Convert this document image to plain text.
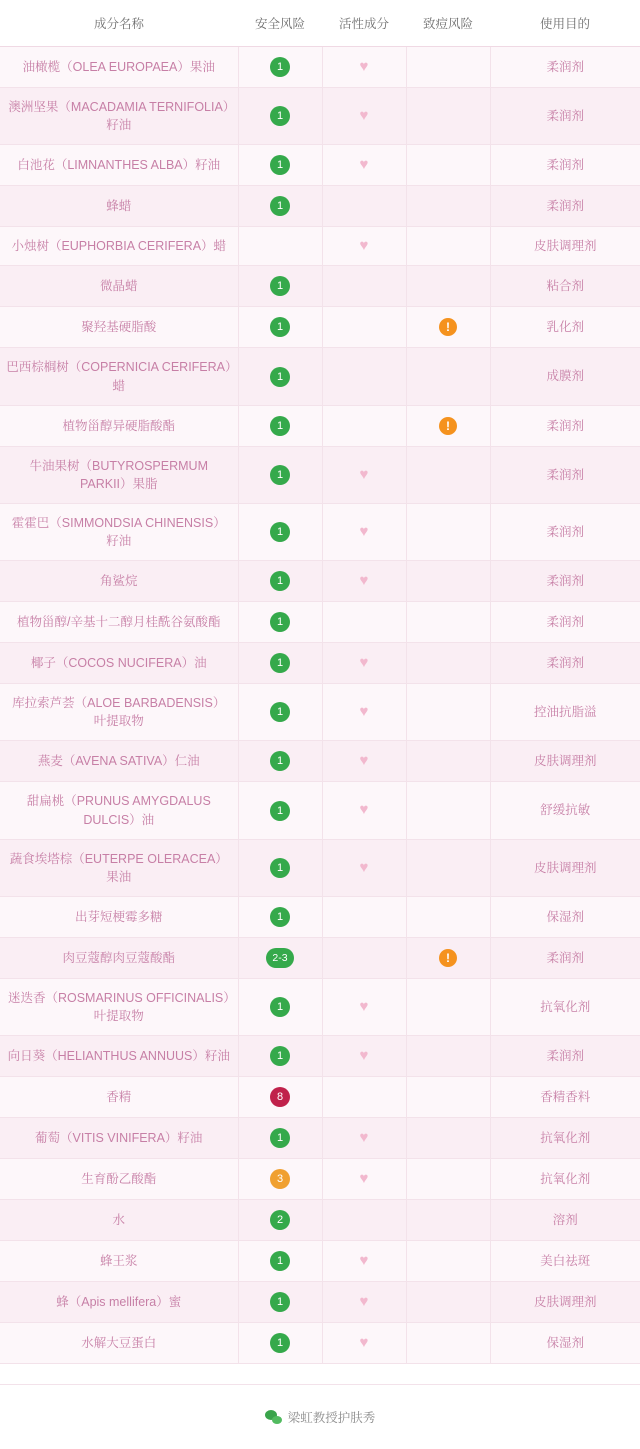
成分名称	安全风险	活性成分	致痘风险	使用目的
油橄榄（OLEA EUROPAEA）果油	1	♥		柔润剂
澳洲坚果（MACADAMIA TERNIFOLIA）籽油	1	♥		柔润剂
白池花（LIMNANTHES ALBA）籽油	1	♥		柔润剂
蜂蜡	1			柔润剂
小烛树（EUPHORBIA CERIFERA）蜡		♥		皮肤调理剂
微晶蜡	1			粘合剂
聚羟基硬脂酸	1		!	乳化剂
巴西棕榈树（COPERNICIA CERIFERA）蜡	1			成膜剂
植物甾醇异硬脂酸酯	1		!	柔润剂
牛油果树（BUTYROSPERMUM PARKII）果脂	1	♥		柔润剂
霍霍巴（SIMMONDSIA CHINENSIS）籽油	1	♥		柔润剂
角鲨烷	1	♥		柔润剂
植物甾醇/辛基十二醇月桂酰谷氨酸酯	1			柔润剂
椰子（COCOS NUCIFERA）油	1	♥		柔润剂
库拉索芦荟（ALOE BARBADENSIS）叶提取物	1	♥		控油抗脂溢
燕麦（AVENA SATIVA）仁油	1	♥		皮肤调理剂
甜扁桃（PRUNUS AMYGDALUS DULCIS）油	1	♥		舒缓抗敏
蔬食埃塔棕（EUTERPE OLERACEA）果油	1	♥		皮肤调理剂
出芽短梗霉多糖	1			保湿剂
肉豆蔻醇肉豆蔻酸酯	2-3		!	柔润剂
迷迭香（ROSMARINUS OFFICINALIS）叶提取物	1	♥		抗氧化剂
向日葵（HELIANTHUS ANNUUS）籽油	1	♥		柔润剂
香精	8			香精香料
葡萄（VITIS VINIFERA）籽油	1	♥		抗氧化剂
生育酚乙酸酯	3	♥		抗氧化剂
水	2			溶剂
蜂王浆	1	♥		美白祛斑
蜂（Apis mellifera）蜜	1	♥		皮肤调理剂
水解大豆蛋白	1	♥		保湿剂
梁虹教授护肤秀
